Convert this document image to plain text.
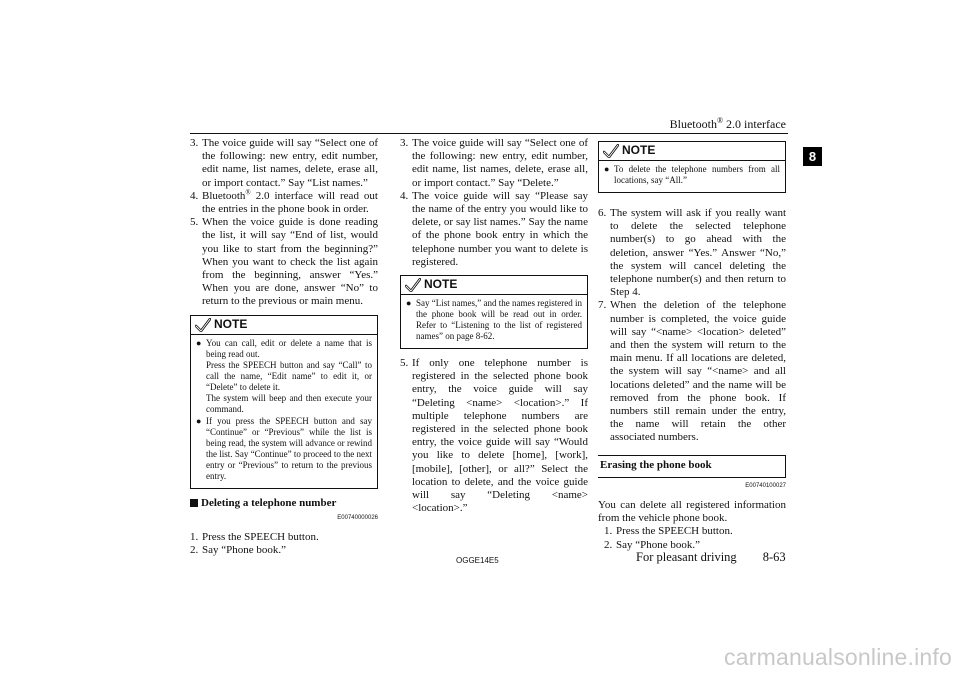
Bluetooth® 2.0 interface
8
3. The voice guide will say “Select one of the following: new entry, edit number, edit name, list names, delete, erase all, or import contact.” Say “List names.”
4. Bluetooth® 2.0 interface will read out the entries in the phone book in order.
5. When the voice guide is done reading the list, it will say “End of list, would you like to start from the beginning?” When you want to check the list again from the beginning, answer “Yes.” When you are done, answer “No” to return to the previous or main menu.
NOTE
● You can call, edit or delete a name that is being read out.
Press the SPEECH button and say “Call” to call the name, “Edit name” to edit it, or “Delete” to delete it.
The system will beep and then execute your command.
● If you press the SPEECH button and say “Continue” or “Previous” while the list is being read, the system will advance or rewind the list. Say “Continue” to proceed to the next entry or “Previous” to return to the previous entry.
Deleting a telephone number
E00740000026
1. Press the SPEECH button.
2. Say “Phone book.”
3. The voice guide will say “Select one of the following: new entry, edit number, edit name, list names, delete, erase all, or import contact.” Say “Delete.”
4. The voice guide will say “Please say the name of the entry you would like to delete, or say list names.” Say the name of the phone book entry in which the telephone number you want to delete is registered.
NOTE
● Say “List names,” and the names registered in the phone book will be read out in order. Refer to “Listening to the list of registered names” on page 8-62.
5. If only one telephone number is registered in the selected phone book entry, the voice guide will say “Deleting <name> <location>.” If multiple telephone numbers are registered in the selected phone book entry, the voice guide will say “Would you like to delete [home], [work], [mobile], [other], or all?” Select the location to delete, and the voice guide will say “Deleting <name> <location>.”
NOTE
● To delete the telephone numbers from all locations, say “All.”
6. The system will ask if you really want to delete the selected telephone number(s) to go ahead with the deletion, answer “Yes.” Answer “No,” the system will cancel deleting the telephone number(s) and then return to Step 4.
7. When the deletion of the telephone number is completed, the voice guide will say “<name> <location> deleted” and then the system will return to the main menu. If all locations are deleted, the system will say “<name> and all locations deleted” and the name will be removed from the phone book. If numbers still remain under the entry, the name will retain the other associated numbers.
Erasing the phone book
E00740100027
You can delete all registered information from the vehicle phone book.
1. Press the SPEECH button.
2. Say “Phone book.”
OGGE14E5	For pleasant driving 8-63
carmanualsonline.info
